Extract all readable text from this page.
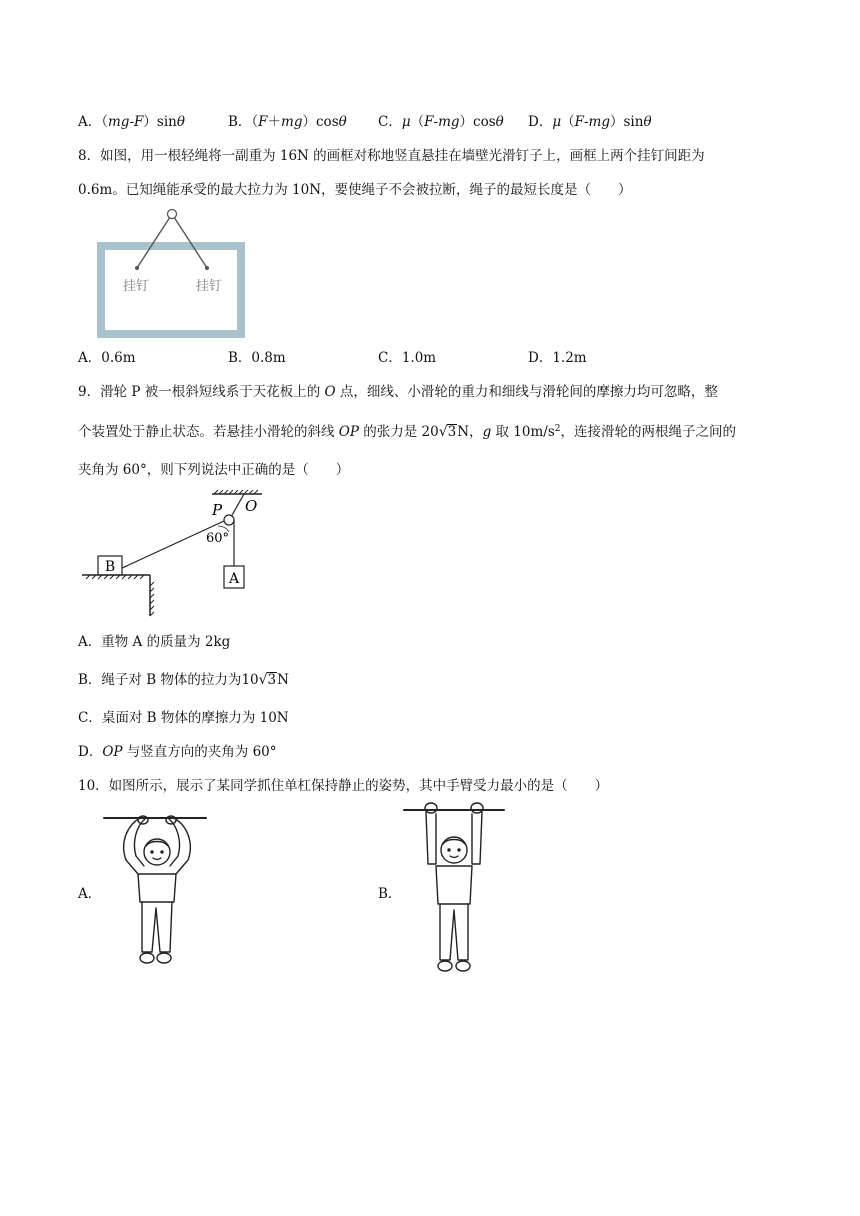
A．（mg-F）sinθ	B．（F＋mg）cosθ C．μ（F-mg）cosθ D．μ（F-mg）sinθ
8．如图，用一根轻绳将一副重为 16N 的画框对称地竖直悬挂在墙壁光滑钉子上，画框上两个挂钉间距为
0.6m。已知绳能承受的最大拉力为 10N，要使绳子不会被拉断，绳子的最短长度是（　　）
挂钉	挂钉
A．0.6m	B．0.8m	C．1.0m	D．1.2m
9．滑轮 P 被一根斜短线系于天花板上的 O 点，细线、小滑轮的重力和细线与滑轮间的摩擦力均可忽略，整
个装置处于静止状态。若悬挂小滑轮的斜线 OP 的张力是 20√3N，g 取 $10m/s^2$，连接滑轮的两根绳子之间的
夹角为 60°，则下列说法中正确的是（　　）
A
B
P O
60°
A．重物 A 的质量为 2kg
B．绳子对 B 物体的拉力为10√3N
C．桌面对 B 物体的摩擦力为 10N
D．OP 与竖直方向的夹角为 60°
10．如图所示，展示了某同学抓住单杠保持静止的姿势，其中手臂受力最小的是（　　）
A．	B．
